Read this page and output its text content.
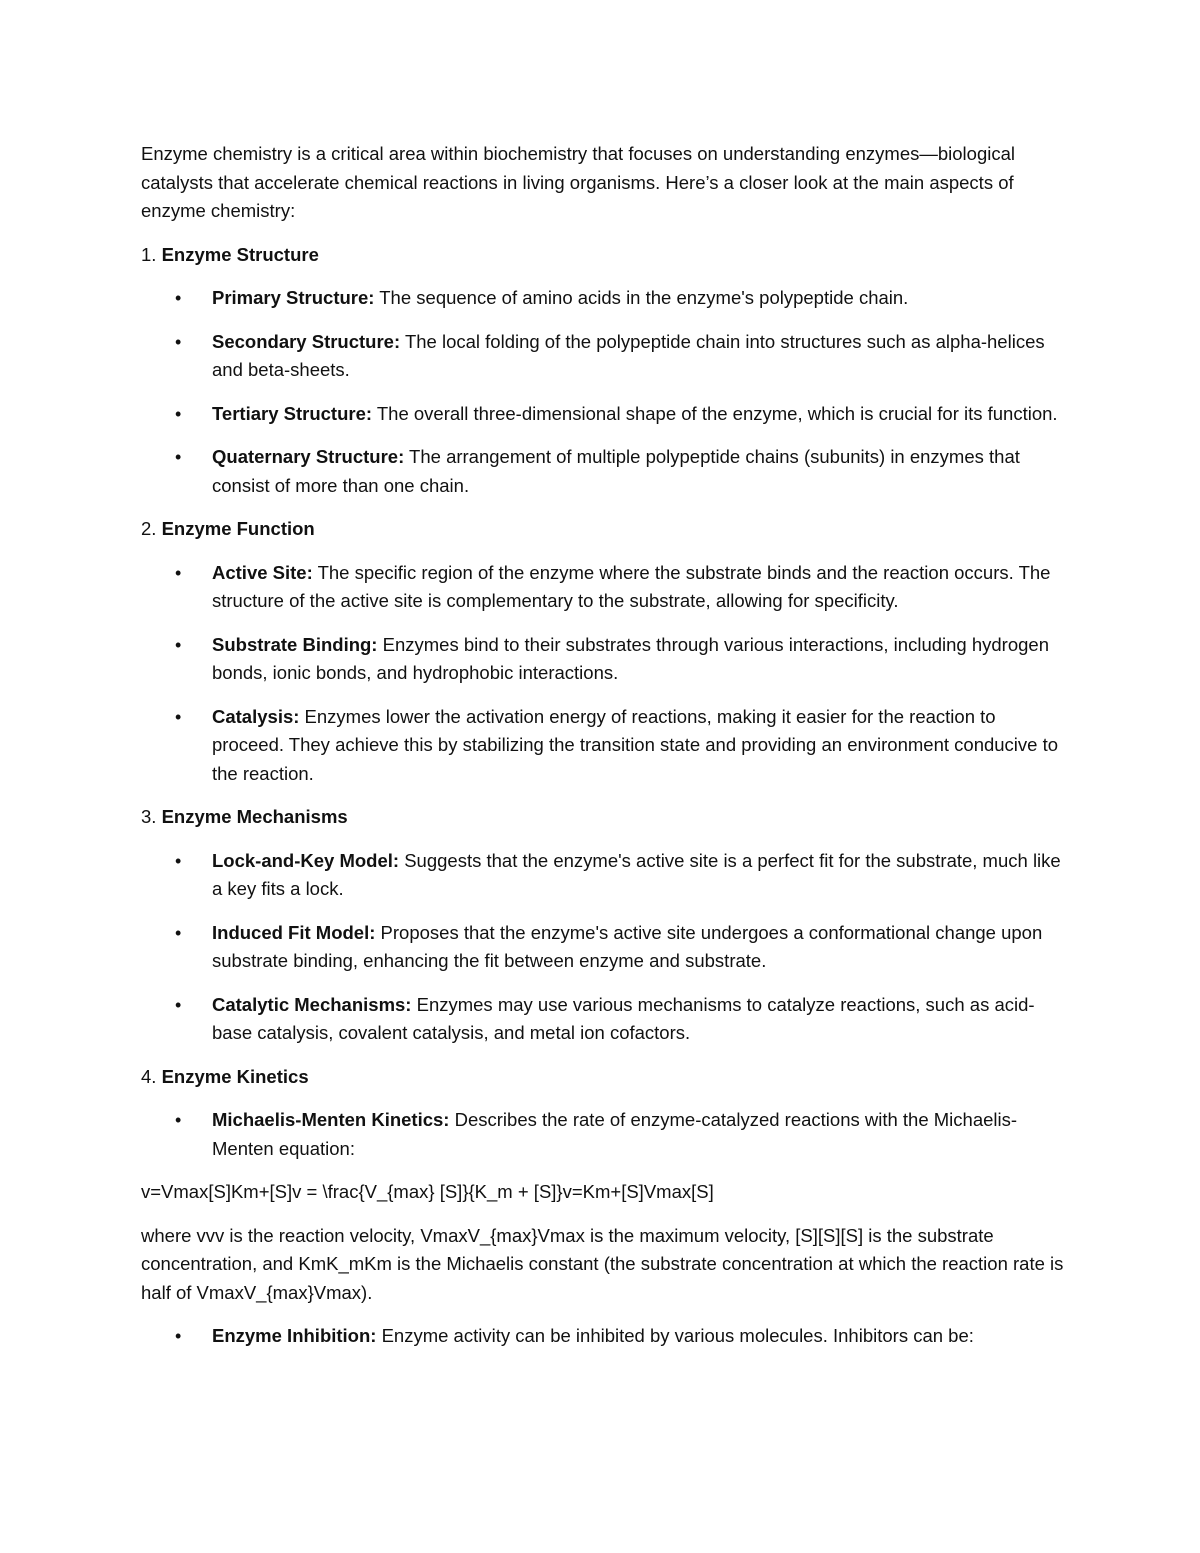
Enzyme chemistry is a critical area within biochemistry that focuses on understanding enzymes—biological catalysts that accelerate chemical reactions in living organisms. Here’s a closer look at the main aspects of enzyme chemistry:

1. Enzyme Structure

• Primary Structure: The sequence of amino acids in the enzyme's polypeptide chain.
• Secondary Structure: The local folding of the polypeptide chain into structures such as alpha-helices and beta-sheets.
• Tertiary Structure: The overall three-dimensional shape of the enzyme, which is crucial for its function.
• Quaternary Structure: The arrangement of multiple polypeptide chains (subunits) in enzymes that consist of more than one chain.

2. Enzyme Function

• Active Site: The specific region of the enzyme where the substrate binds and the reaction occurs. The structure of the active site is complementary to the substrate, allowing for specificity.
• Substrate Binding: Enzymes bind to their substrates through various interactions, including hydrogen bonds, ionic bonds, and hydrophobic interactions.
• Catalysis: Enzymes lower the activation energy of reactions, making it easier for the reaction to proceed. They achieve this by stabilizing the transition state and providing an environment conducive to the reaction.

3. Enzyme Mechanisms

• Lock-and-Key Model: Suggests that the enzyme's active site is a perfect fit for the substrate, much like a key fits a lock.
• Induced Fit Model: Proposes that the enzyme's active site undergoes a conformational change upon substrate binding, enhancing the fit between enzyme and substrate.
• Catalytic Mechanisms: Enzymes may use various mechanisms to catalyze reactions, such as acid-base catalysis, covalent catalysis, and metal ion cofactors.

4. Enzyme Kinetics

• Michaelis-Menten Kinetics: Describes the rate of enzyme-catalyzed reactions with the Michaelis-Menten equation:

v=Vmax[S]Km+[S]v = \frac{V_{max} [S]}{K_m + [S]}v=Km+[S]Vmax[S]

where vvv is the reaction velocity, VmaxV_{max}Vmax is the maximum velocity, [S][S][S] is the substrate concentration, and KmK_mKm is the Michaelis constant (the substrate concentration at which the reaction rate is half of VmaxV_{max}Vmax).

• Enzyme Inhibition: Enzyme activity can be inhibited by various molecules. Inhibitors can be:
